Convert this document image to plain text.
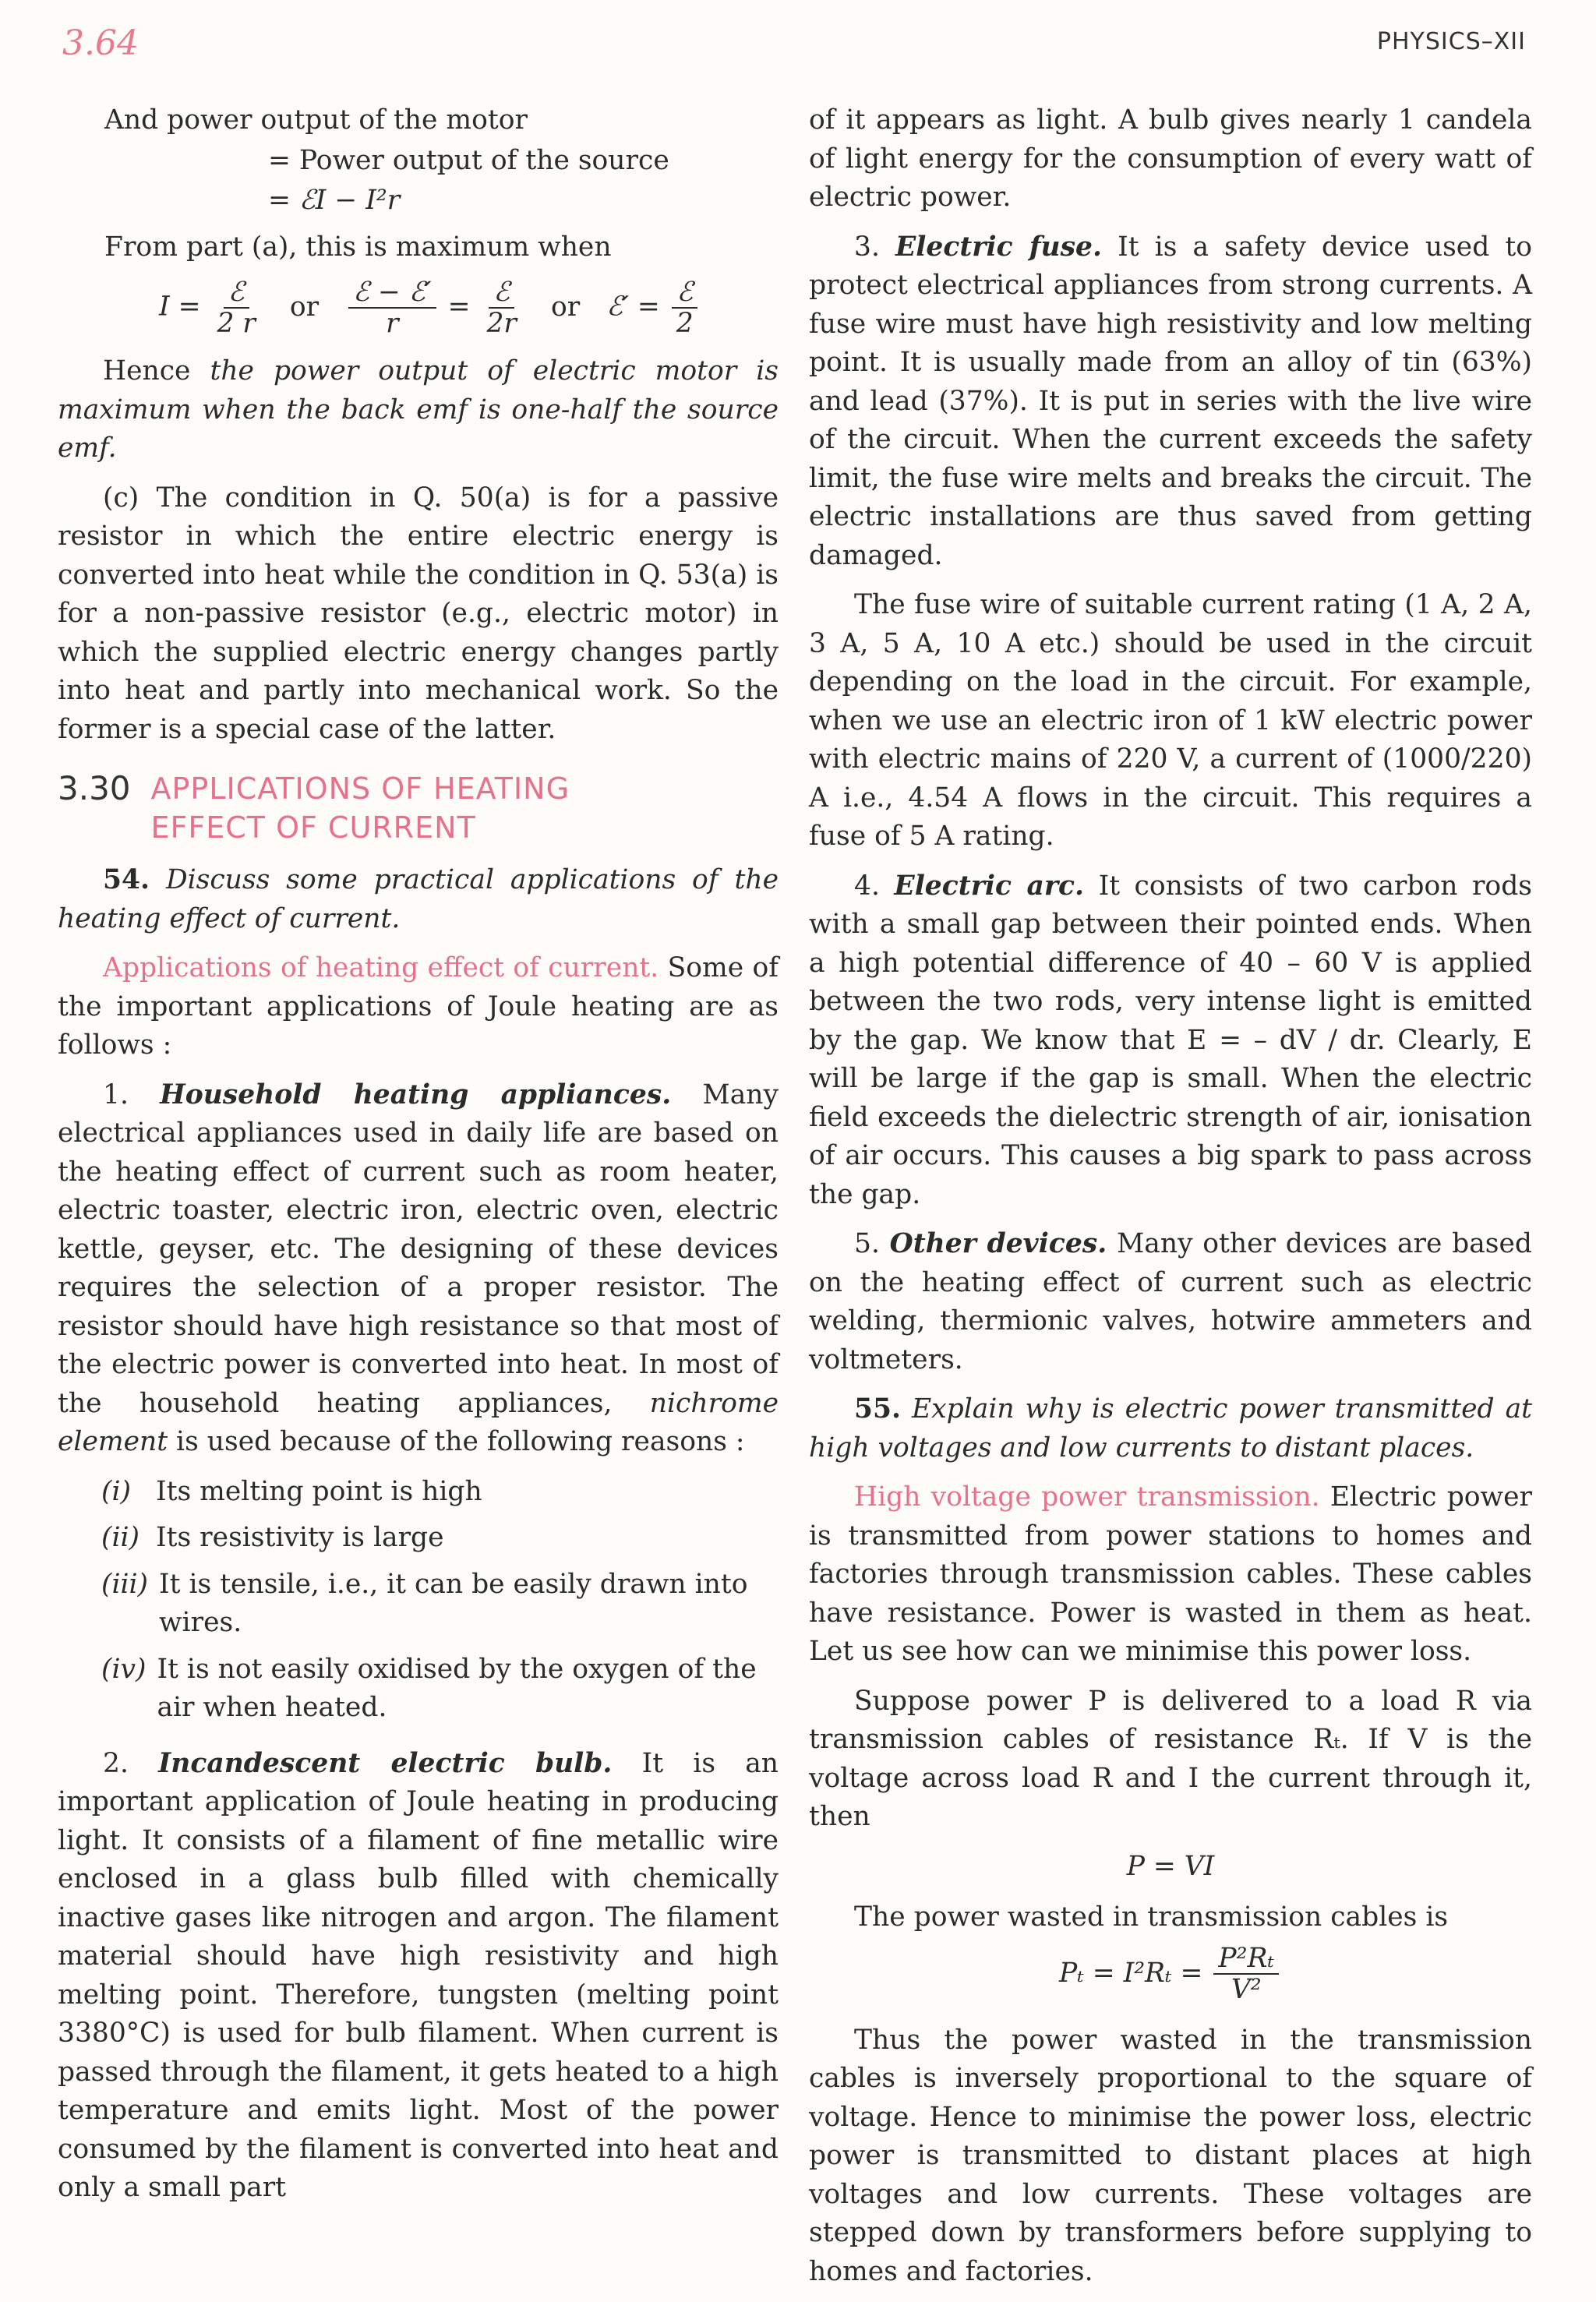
3.64	PHYSICS–XII

And power output of the motor

= Power output of the source

= ℰI − I²r

From part (a), this is maximum when

$I = \frac{\text{ℰ}}{2 r}$ or $\frac{\text{ℰ − ℰ′}}{r} = \frac{\text{ℰ}}{2r}$ or ℰ′ = $\frac{\text{ℰ}}{2}$

Hence the power output of electric motor is maximum when the back emf is one-half the source emf.

(c) The condition in Q. 50(a) is for a passive resistor in which the entire electric energy is converted into heat while the condition in Q. 53(a) is for a non-passive resistor (e.g., electric motor) in which the supplied electric energy changes partly into heat and partly into mechanical work. So the former is a special case of the latter.

3.30 APPLICATIONS OF HEATING
EFFECT OF CURRENT

54. Discuss some practical applications of the heating effect of current.

Applications of heating effect of current. Some of the important applications of Joule heating are as follows :

1. Household heating appliances. Many electrical appliances used in daily life are based on the heating effect of current such as room heater, electric toaster, electric iron, electric oven, electric kettle, geyser, etc. The designing of these devices requires the selection of a proper resistor. The resistor should have high resistance so that most of the electric power is converted into heat. In most of the household heating appliances, nichrome element is used because of the following reasons :

(i) Its melting point is high
(ii) Its resistivity is large
(iii) It is tensile, i.e., it can be easily drawn into wires.
(iv) It is not easily oxidised by the oxygen of the air when heated.

2. Incandescent electric bulb. It is an important application of Joule heating in producing light. It consists of a filament of fine metallic wire enclosed in a glass bulb filled with chemically inactive gases like nitrogen and argon. The filament material should have high resistivity and high melting point. Therefore, tungsten (melting point 3380°C) is used for bulb filament. When current is passed through the filament, it gets heated to a high temperature and emits light. Most of the power consumed by the filament is converted into heat and only a small part

of it appears as light. A bulb gives nearly 1 candela of light energy for the consumption of every watt of electric power.

3. Electric fuse. It is a safety device used to protect electrical appliances from strong currents. A fuse wire must have high resistivity and low melting point. It is usually made from an alloy of tin (63%) and lead (37%). It is put in series with the live wire of the circuit. When the current exceeds the safety limit, the fuse wire melts and breaks the circuit. The electric installations are thus saved from getting damaged.

The fuse wire of suitable current rating (1 A, 2 A, 3 A, 5 A, 10 A etc.) should be used in the circuit depending on the load in the circuit. For example, when we use an electric iron of 1 kW electric power with electric mains of 220 V, a current of (1000/220) A i.e., 4.54 A flows in the circuit. This requires a fuse of 5 A rating.

4. Electric arc. It consists of two carbon rods with a small gap between their pointed ends. When a high potential difference of 40 – 60 V is applied between the two rods, very intense light is emitted by the gap. We know that E = – dV / dr. Clearly, E will be large if the gap is small. When the electric field exceeds the dielectric strength of air, ionisation of air occurs. This causes a big spark to pass across the gap.

5. Other devices. Many other devices are based on the heating effect of current such as electric welding, thermionic valves, hotwire ammeters and voltmeters.

55. Explain why is electric power transmitted at high voltages and low currents to distant places.

High voltage power transmission. Electric power is transmitted from power stations to homes and factories through transmission cables. These cables have resistance. Power is wasted in them as heat. Let us see how can we minimise this power loss.

Suppose power P is delivered to a load R via transmission cables of resistance Rₜ. If V is the voltage across load R and I the current through it, then

P = VI

The power wasted in transmission cables is

$P_t = I^2R_t = \frac{\text{P²Rₜ}}{\text{V²}}$

Thus the power wasted in the transmission cables is inversely proportional to the square of voltage. Hence to minimise the power loss, electric power is transmitted to distant places at high voltages and low currents. These voltages are stepped down by transformers before supplying to homes and factories.
